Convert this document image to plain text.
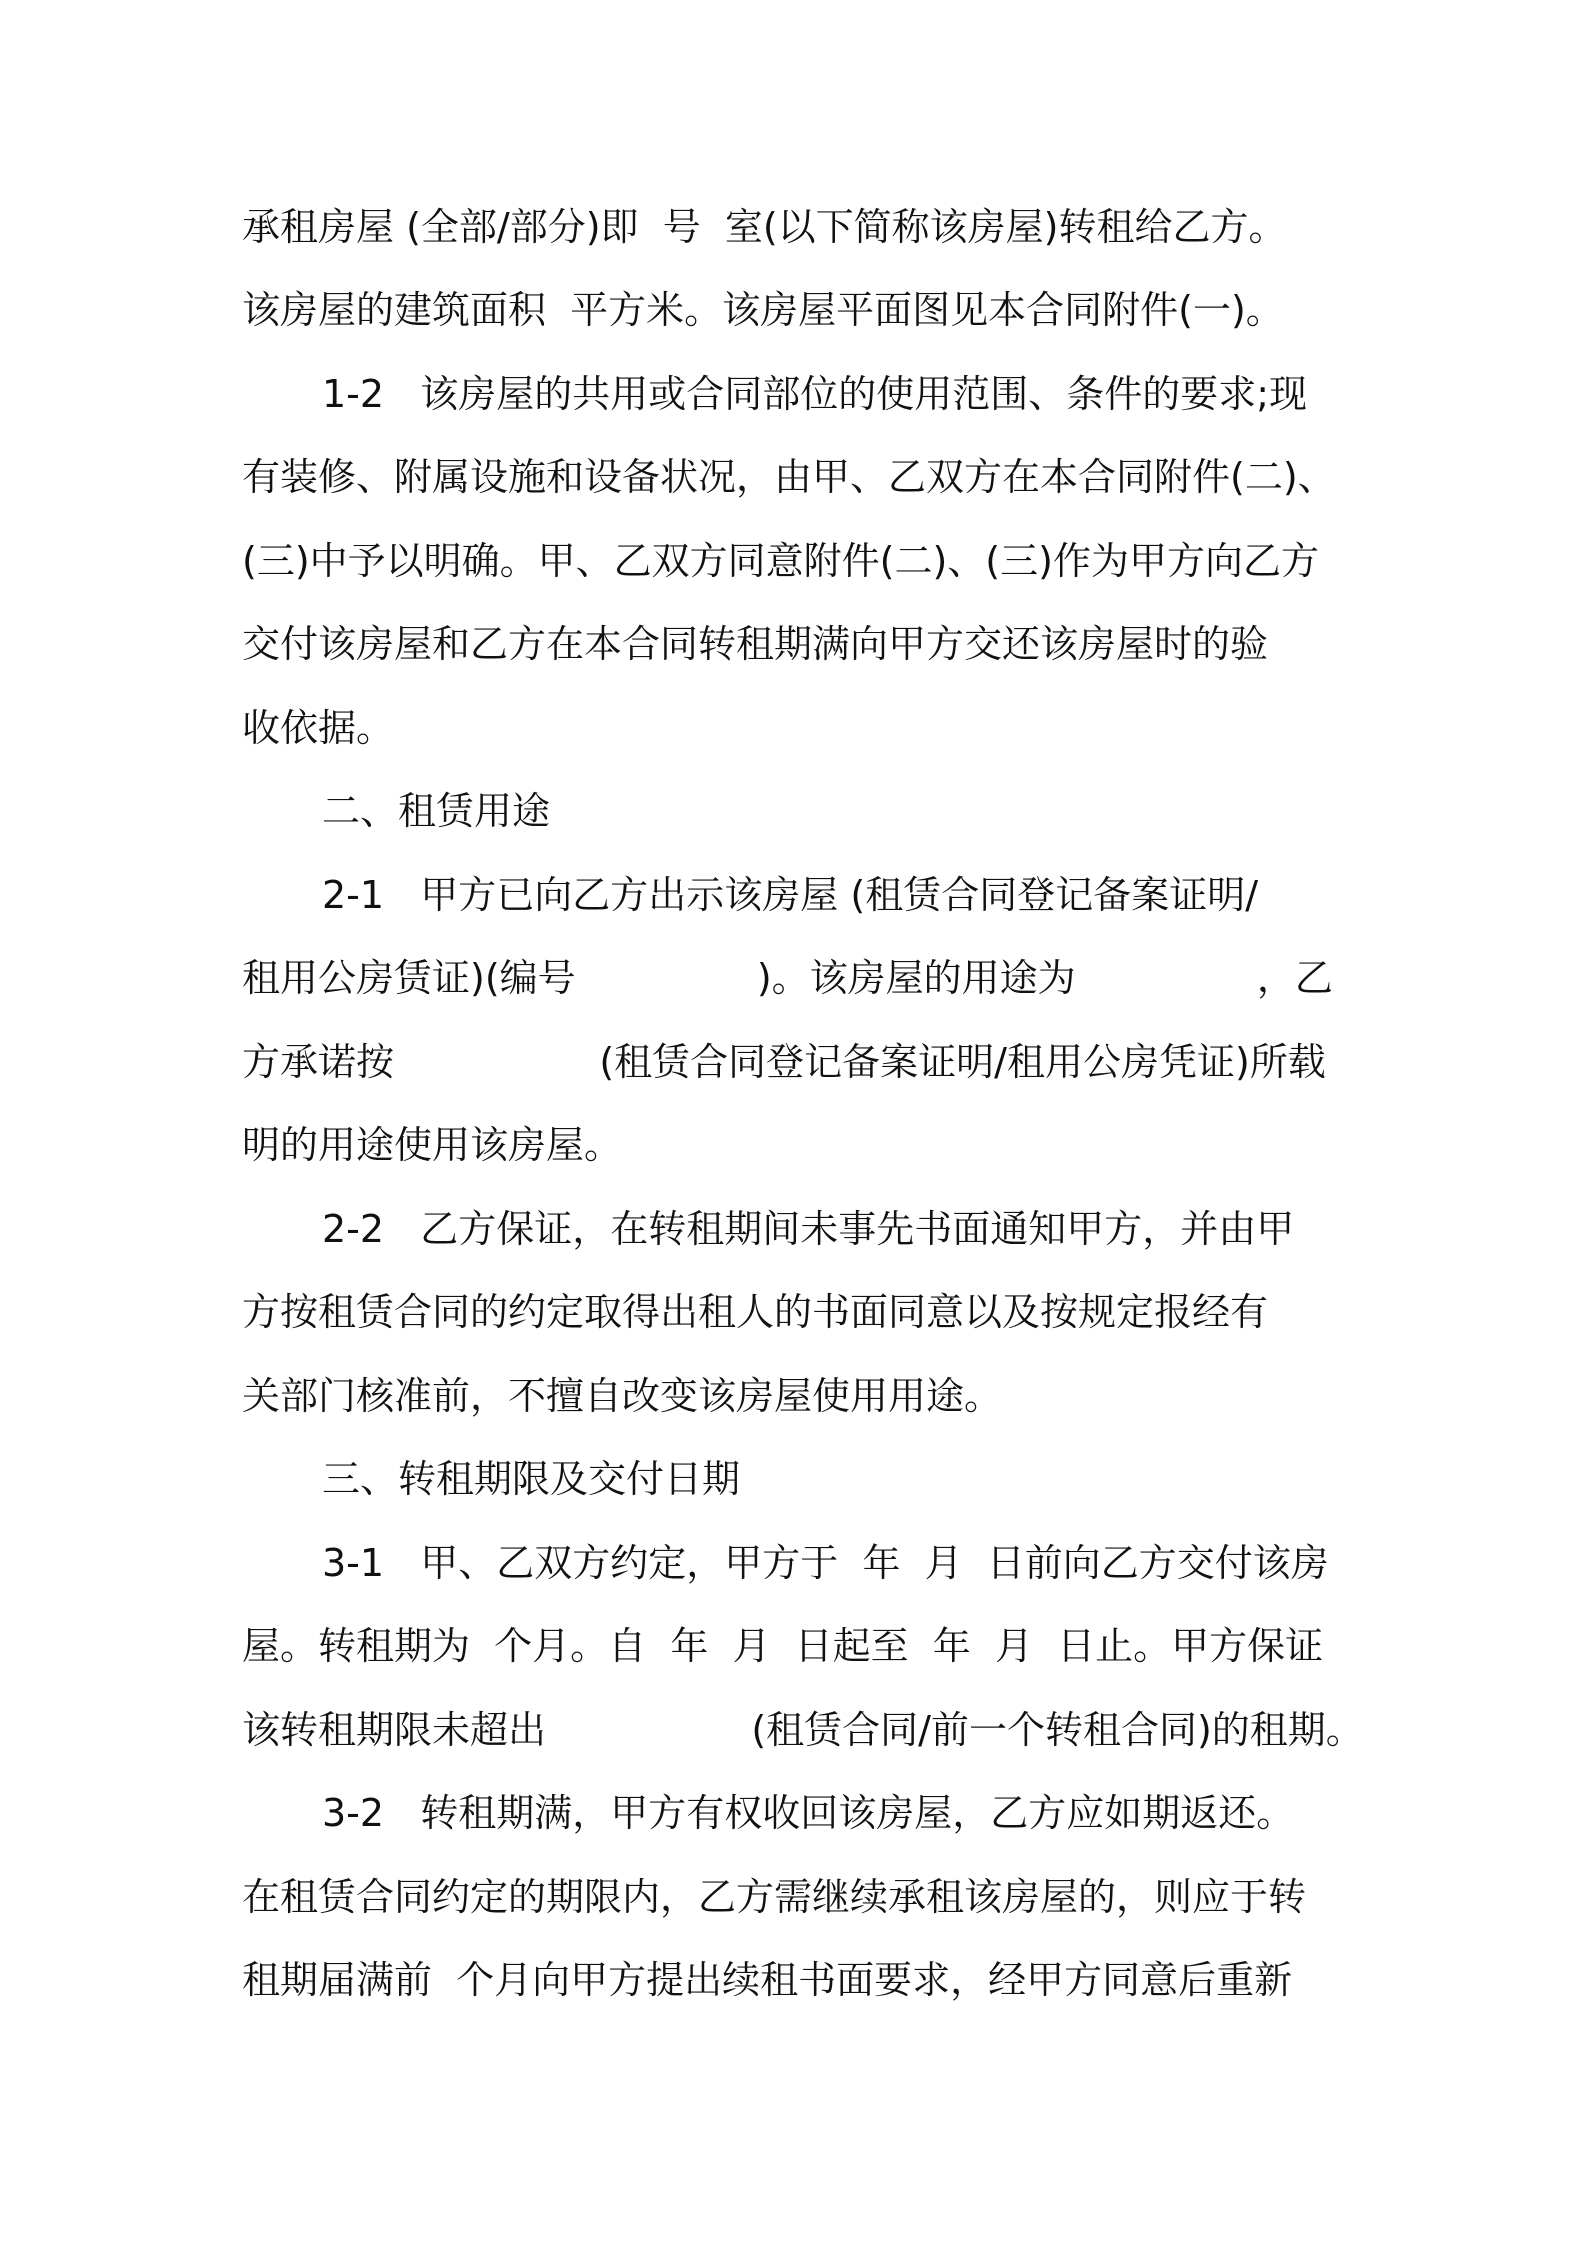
承租房屋 (全部/部分)即  号  室(以下简称该房屋)转租给乙方。
该房屋的建筑面积  平方米。该房屋平面图见本合同附件(一)。
1-2   该房屋的共用或合同部位的使用范围、条件的要求;现
有装修、附属设施和设备状况，由甲、乙双方在本合同附件(二)、
(三)中予以明确。甲、乙双方同意附件(二)、(三)作为甲方向乙方
交付该房屋和乙方在本合同转租期满向甲方交还该房屋时的验
收依据。
二、租赁用途
2-1   甲方已向乙方出示该房屋 (租赁合同登记备案证明/
租用公房赁证)(编号               )。该房屋的用途为               ，乙
方承诺按                 (租赁合同登记备案证明/租用公房凭证)所载
明的用途使用该房屋。
2-2   乙方保证，在转租期间未事先书面通知甲方，并由甲
方按租赁合同的约定取得出租人的书面同意以及按规定报经有
关部门核准前，不擅自改变该房屋使用用途。
三、转租期限及交付日期
3-1   甲、乙双方约定，甲方于  年  月  日前向乙方交付该房
屋。转租期为  个月。自  年  月  日起至  年  月  日止。甲方保证
该转租期限未超出                 (租赁合同/前一个转租合同)的租期。
3-2   转租期满，甲方有权收回该房屋，乙方应如期返还。
在租赁合同约定的期限内，乙方需继续承租该房屋的，则应于转
租期届满前  个月向甲方提出续租书面要求，经甲方同意后重新
